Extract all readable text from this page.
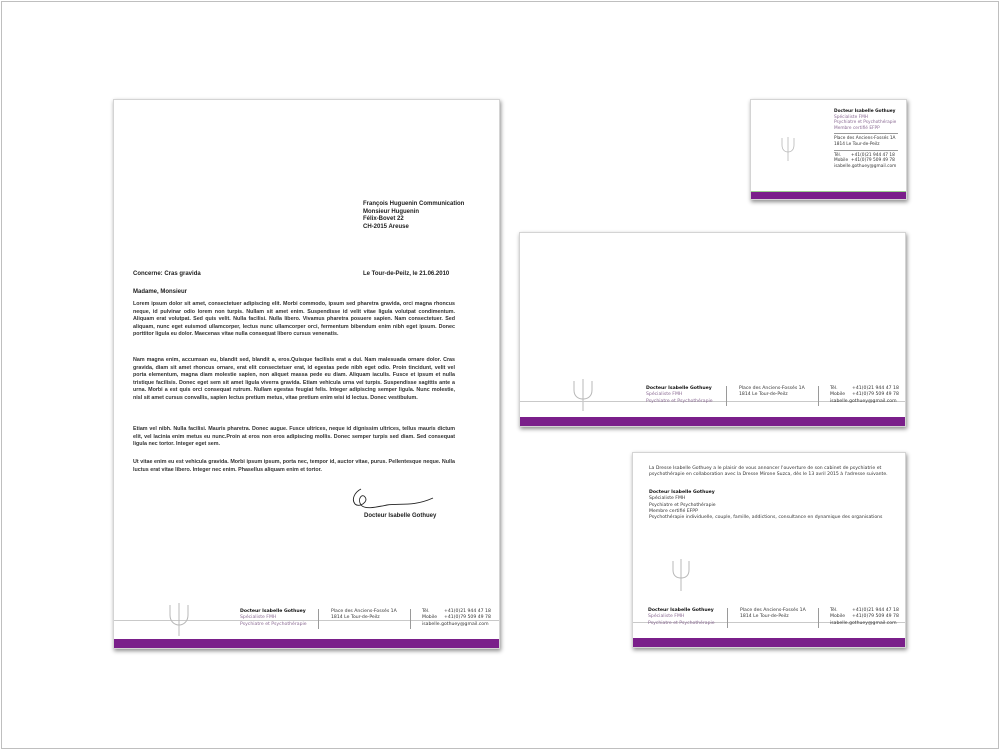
François Huguenin Communication
Monsieur Huguenin
Félix-Bovet 22
CH-2015 Areuse
Concerne: Cras gravida	Le Tour-de-Peilz, le 21.06.2010
Madame, Monsieur
Lorem ipsum dolor sit amet, consectetuer adipiscing elit. Morbi commodo, ipsum sed pharetra gravida, orci magna rhoncus neque, id pulvinar odio lorem non turpis. Nullam sit amet enim. Suspendisse id velit vitae ligula volutpat condimentum. Aliquam erat volutpat. Sed quis velit. Nulla facilisi. Nulla libero. Vivamus pharetra posuere sapien. Nam consectetuer. Sed aliquam, nunc eget euismod ullamcorper, lectus nunc ullamcorper orci, fermentum bibendum enim nibh eget ipsum. Donec porttitor ligula eu dolor. Maecenas vitae nulla consequat libero cursus venenatis.
Nam magna enim, accumsan eu, blandit sed, blandit a, eros.Quisque facilisis erat a dui. Nam malesuada ornare dolor. Cras gravida, diam sit amet rhoncus ornare, erat elit consectetuer erat, id egestas pede nibh eget odio. Proin tincidunt, velit vel porta elementum, magna diam molestie sapien, non aliquet massa pede eu diam. Aliquam iaculis. Fusce et ipsum et nulla tristique facilisis. Donec eget sem sit amet ligula viverra gravida. Etiam vehicula urna vel turpis. Suspendisse sagittis ante a urna. Morbi a est quis orci consequat rutrum. Nullam egestas feugiat felis. Integer adipiscing semper ligula. Nunc molestie, nisl sit amet cursus convallis, sapien lectus pretium metus, vitae pretium enim wisi id lectus. Donec vestibulum.
Etiam vel nibh. Nulla facilisi. Mauris pharetra. Donec augue. Fusce ultrices, neque id dignissim ultrices, tellus mauris dictum elit, vel lacinia enim metus eu nunc.Proin at eros non eros adipiscing mollis. Donec semper turpis sed diam. Sed consequat ligula nec tortor. Integer eget sem.
Ut vitae enim eu est vehicula gravida. Morbi ipsum ipsum, porta nec, tempor id, auctor vitae, purus. Pellentesque neque. Nulla luctus erat vitae libero. Integer nec enim. Phasellus aliquam enim et tortor.
Docteur Isabelle Gothuey
Docteur Isabelle Gothuey
Spécialiste FMH
Psychiatre et Psychothérapie
Place des Anciens-Fossés 1A
1814 Le Tour-de-Peilz
Tél.	+41(0)21 944 47 18
Mobile	+41(0)79 509 49 78
isabelle.gothuey@gmail.com
Docteur Isabelle Gothuey
Spécialiste FMH
Psychiatre et Psychothérapie
Membre certifié EFPP
Place des Anciens-Fossés 1A
1814 Le Tour-de-Peilz
Tél.	+41(0)21 944 47 18
Mobile +41(0)79 509 49 78
isabelle.gothuey@gmail.com
Docteur Isabelle Gothuey
Spécialiste FMH
Psychiatre et Psychothérapie
Place des Anciens-Fossés 1A
1814 Le Tour-de-Peilz
Tél.	+41(0)21 944 47 18
Mobile	+41(0)79 509 49 78
isabelle.gothuey@gmail.com
La Dresse Isabelle Gothuey a le plaisir de vous annoncer l'ouverture de son cabinet de psychiatrie et psychothérapie en collaboration avec la Dresse Mirone Suzca, dès le 13 avril 2015 à l'adresse suivante.
Docteur Isabelle Gothuey
Spécialiste FMH
Psychiatre et Psychothérapie
Membre certifié EFPP
Psychothérapie individuelle, couple, famille, addictions, consultance en dynamique des organisations
Docteur Isabelle Gothuey
Spécialiste FMH
Psychiatre et Psychothérapie
Place des Anciens-Fossés 1A
1814 Le Tour-de-Peilz
Tél.	+41(0)21 944 47 18
Mobile	+41(0)79 509 49 78
isabelle.gothuey@gmail.com
